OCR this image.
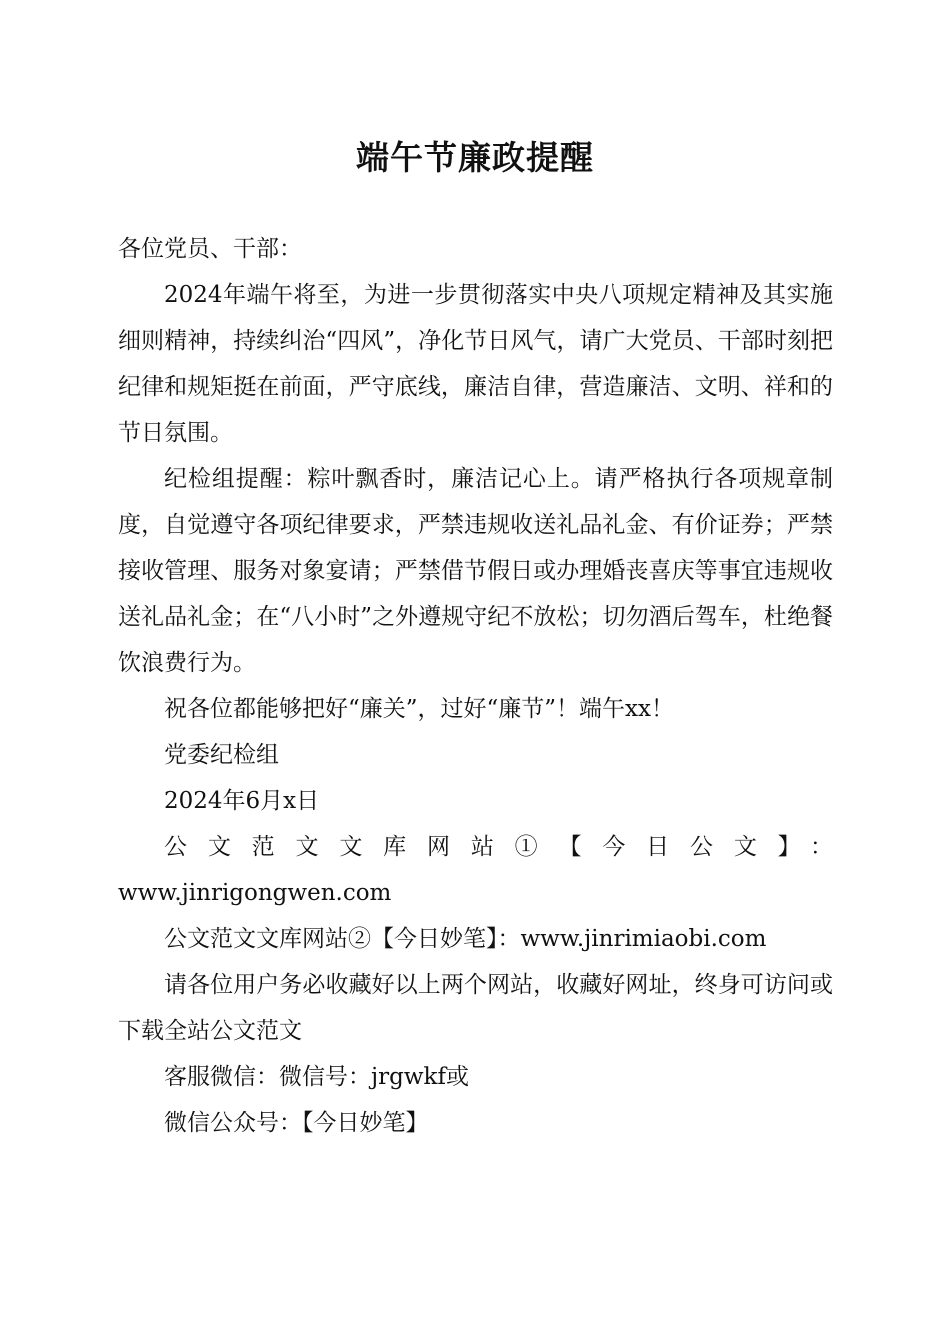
端午节廉政提醒

各位党员、干部：

2024年端午将至，为进一步贯彻落实中央八项规定精神及其实施细则精神，持续纠治“四风”，净化节日风气，请广大党员、干部时刻把纪律和规矩挺在前面，严守底线，廉洁自律，营造廉洁、文明、祥和的节日氛围。

纪检组提醒：粽叶飘香时，廉洁记心上。请严格执行各项规章制度，自觉遵守各项纪律要求，严禁违规收送礼品礼金、有价证券；严禁接收管理、服务对象宴请；严禁借节假日或办理婚丧喜庆等事宜违规收送礼品礼金；在“八小时”之外遵规守纪不放松；切勿酒后驾车，杜绝餐饮浪费行为。

祝各位都能够把好“廉关”，过好“廉节”！端午xx！

党委纪检组

2024年6月x日

公文范文文库网站①【今日公文】：

www.jinrigongwen.com

公文范文文库网站②【今日妙笔】：www.jinrimiaobi.com

请各位用户务必收藏好以上两个网站，收藏好网址，终身可访问或下载全站公文范文

客服微信：微信号：jrgwkf或

微信公众号：【今日妙笔】
